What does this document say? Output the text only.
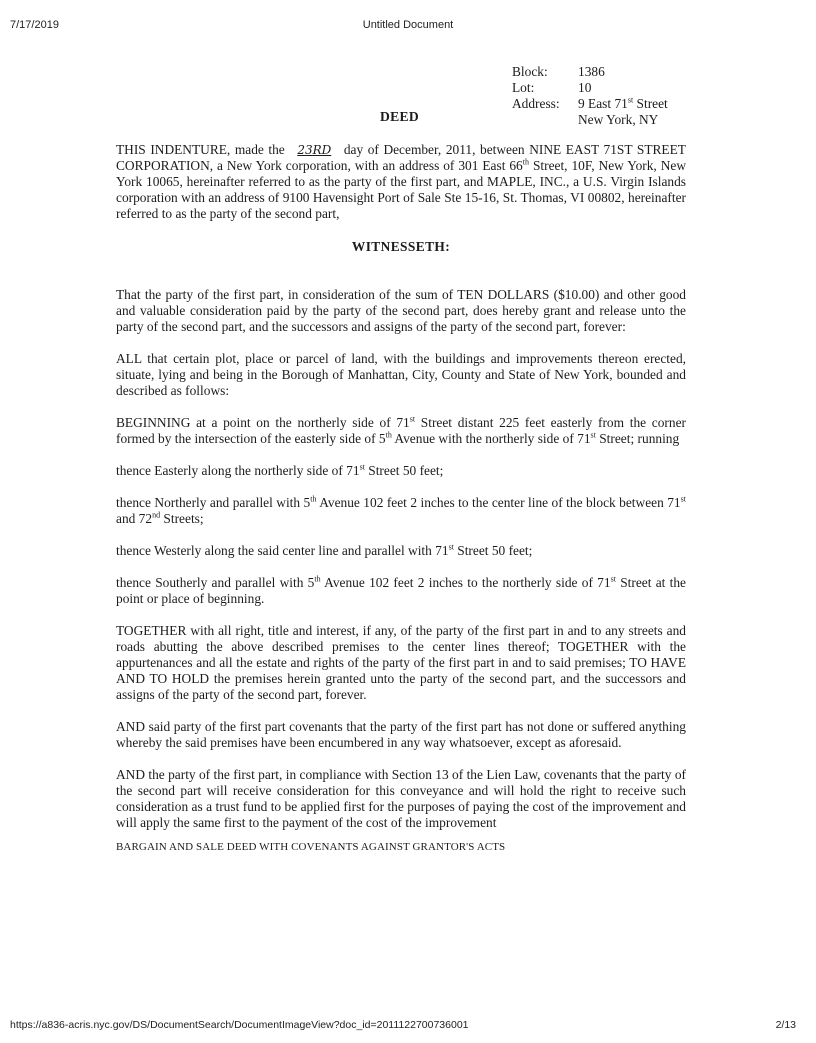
7/17/2019	Untitled Document
Block:	1386
Lot:	10
Address:	9 East 71st Street
New York, NY
DEED

THIS INDENTURE, made the 23RD day of December, 2011, between NINE EAST 71ST STREET CORPORATION, a New York corporation, with an address of 301 East 66th Street, 10F, New York, New York 10065, hereinafter referred to as the party of the first part, and MAPLE, INC., a U.S. Virgin Islands corporation with an address of 9100 Havensight Port of Sale Ste 15-16, St. Thomas, VI 00802, hereinafter referred to as the party of the second part,

WITNESSETH:

That the party of the first part, in consideration of the sum of TEN DOLLARS ($10.00) and other good and valuable consideration paid by the party of the second part, does hereby grant and release unto the party of the second part, and the successors and assigns of the party of the second part, forever:

ALL that certain plot, place or parcel of land, with the buildings and improvements thereon erected, situate, lying and being in the Borough of Manhattan, City, County and State of New York, bounded and described as follows:

BEGINNING at a point on the northerly side of 71st Street distant 225 feet easterly from the corner formed by the intersection of the easterly side of 5th Avenue with the northerly side of 71st Street; running

thence Easterly along the northerly side of 71st Street 50 feet;

thence Northerly and parallel with 5th Avenue 102 feet 2 inches to the center line of the block between 71st and 72nd Streets;

thence Westerly along the said center line and parallel with 71st Street 50 feet;

thence Southerly and parallel with 5th Avenue 102 feet 2 inches to the northerly side of 71st Street at the point or place of beginning.

TOGETHER with all right, title and interest, if any, of the party of the first part in and to any streets and roads abutting the above described premises to the center lines thereof; TOGETHER with the appurtenances and all the estate and rights of the party of the first part in and to said premises; TO HAVE AND TO HOLD the premises herein granted unto the party of the second part, and the successors and assigns of the party of the second part, forever.

AND said party of the first part covenants that the party of the first part has not done or suffered anything whereby the said premises have been encumbered in any way whatsoever, except as aforesaid.

AND the party of the first part, in compliance with Section 13 of the Lien Law, covenants that the party of the second part will receive consideration for this conveyance and will hold the right to receive such consideration as a trust fund to be applied first for the purposes of paying the cost of the improvement and will apply the same first to the payment of the cost of the improvement

BARGAIN AND SALE DEED WITH COVENANTS AGAINST GRANTOR'S ACTS

https://a836-acris.nyc.gov/DS/DocumentSearch/DocumentImageView?doc_id=2011122700736001	2/13
